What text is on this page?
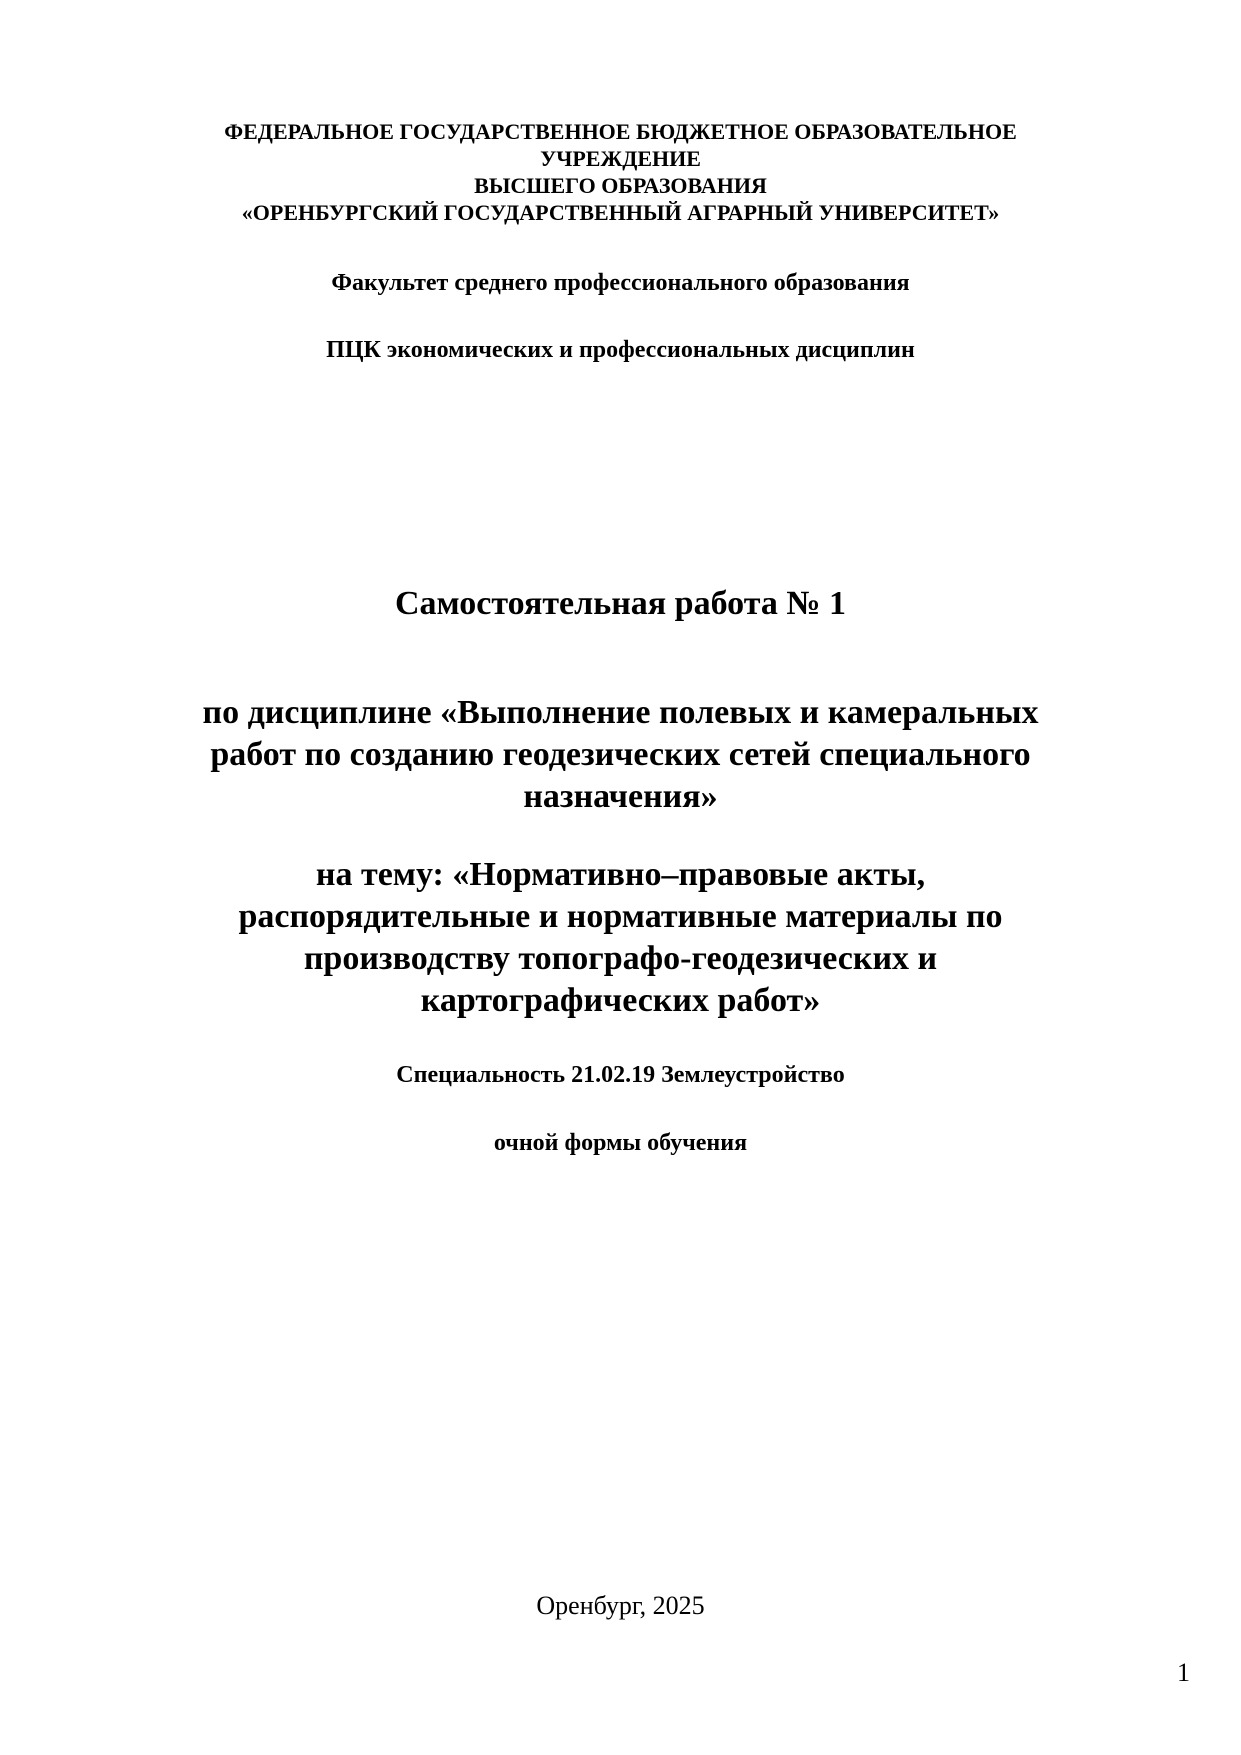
ФЕДЕРАЛЬНОЕ ГОСУДАРСТВЕННОЕ БЮДЖЕТНОЕ ОБРАЗОВАТЕЛЬНОЕ
УЧРЕЖДЕНИЕ
ВЫСШЕГО ОБРАЗОВАНИЯ
«ОРЕНБУРГСКИЙ ГОСУДАРСТВЕННЫЙ АГРАРНЫЙ УНИВЕРСИТЕТ»
Факультет среднего профессионального образования
ПЦК экономических и профессиональных дисциплин
Самостоятельная работа № 1
по дисциплине «Выполнение полевых и камеральных
работ по созданию геодезических сетей специального
назначения»
на тему: «Нормативно–правовые акты,
распорядительные и нормативные материалы по
производству топографо-геодезических и
картографических работ»
Специальность 21.02.19 Землеустройство
очной формы обучения
Оренбург, 2025
1
